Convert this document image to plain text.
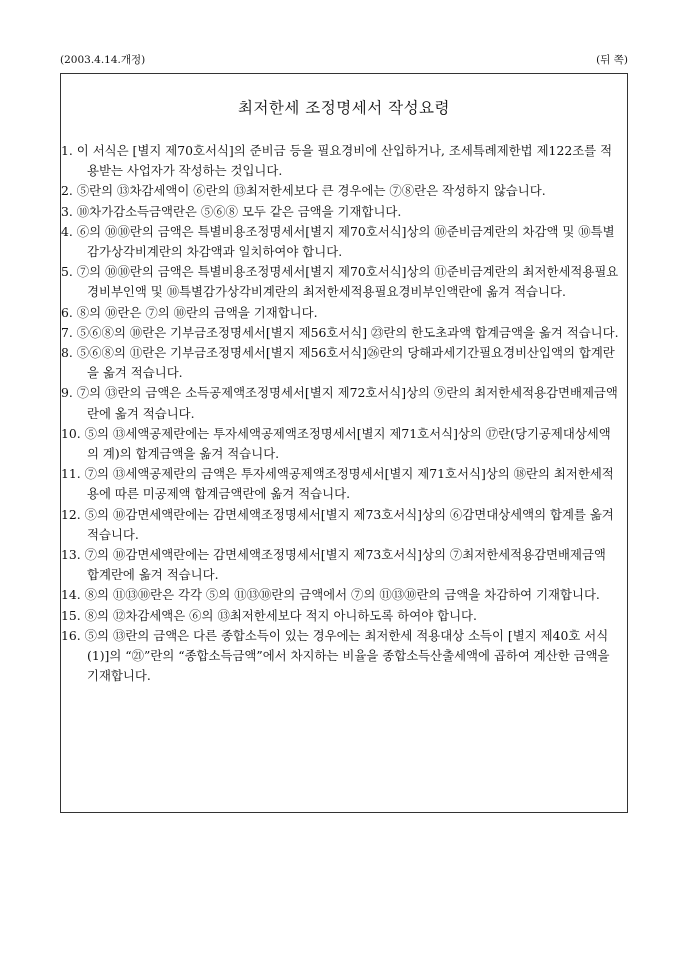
(2003.4.14.개정)	(뒤 쪽)
최저한세 조정명세서 작성요령
1. 이 서식은 [별지 제70호서식]의 준비금 등을 필요경비에 산입하거나, 조세특례제한법 제122조를 적용받는 사업자가 작성하는 것입니다.
2. ⑤란의 ⑬차감세액이 ⑥란의 ⑬최저한세보다 큰 경우에는 ⑦⑧란은 작성하지 않습니다.
3. ⑩차가감소득금액란은 ⑤⑥⑧ 모두 같은 금액을 기재합니다.
4. ⑥의 ⑩⑩란의 금액은 특별비용조정명세서[별지 제70호서식]상의 ⑩준비금계란의 차감액 및 ⑩특별감가상각비계란의 차감액과 일치하여야 합니다.
5. ⑦의 ⑩⑩란의 금액은 특별비용조정명세서[별지 제70호서식]상의 ⑪준비금계란의 최저한세적용필요경비부인액 및 ⑩특별감가상각비계란의 최저한세적용필요경비부인액란에 옮겨 적습니다.
6. ⑧의 ⑩란은 ⑦의 ⑩란의 금액을 기재합니다.
7. ⑤⑥⑧의 ⑩란은 기부금조정명세서[별지 제56호서식] ㉓란의 한도초과액 합계금액을 옮겨 적습니다.
8. ⑤⑥⑧의 ⑪란은 기부금조정명세서[별지 제56호서식]㉖란의 당해과세기간필요경비산입액의 합계란을 옮겨 적습니다.
9. ⑦의 ⑬란의 금액은 소득공제액조정명세서[별지 제72호서식]상의 ⑨란의 최저한세적용감면배제금액란에 옮겨 적습니다.
10. ⑤의 ⑬세액공제란에는 투자세액공제액조정명세서[별지 제71호서식]상의 ⑰란(당기공제대상세액의 계)의 합계금액을 옮겨 적습니다.
11. ⑦의 ⑬세액공제란의 금액은 투자세액공제액조정명세서[별지 제71호서식]상의 ⑱란의 최저한세적용에 따른 미공제액 합계금액란에 옮겨 적습니다.
12. ⑤의 ⑩감면세액란에는 감면세액조정명세서[별지 제73호서식]상의 ⑥감면대상세액의 합계를 옮겨 적습니다.
13. ⑦의 ⑩감면세액란에는 감면세액조정명세서[별지 제73호서식]상의 ⑦최저한세적용감면배제금액 합계란에 옮겨 적습니다.
14. ⑧의 ⑪⑬⑩란은 각각 ⑤의 ⑪⑬⑩란의 금액에서 ⑦의 ⑪⑬⑩란의 금액을 차감하여 기재합니다.
15. ⑧의 ⑫차감세액은 ⑥의 ⑬최저한세보다 적지 아니하도록 하여야 합니다.
16. ⑤의 ⑬란의 금액은 다른 종합소득이 있는 경우에는 최저한세 적용대상 소득이 [별지 제40호 서식(1)]의 “㉑”란의 “종합소득금액”에서 차지하는 비율을 종합소득산출세액에 곱하여 계산한 금액을 기재합니다.
